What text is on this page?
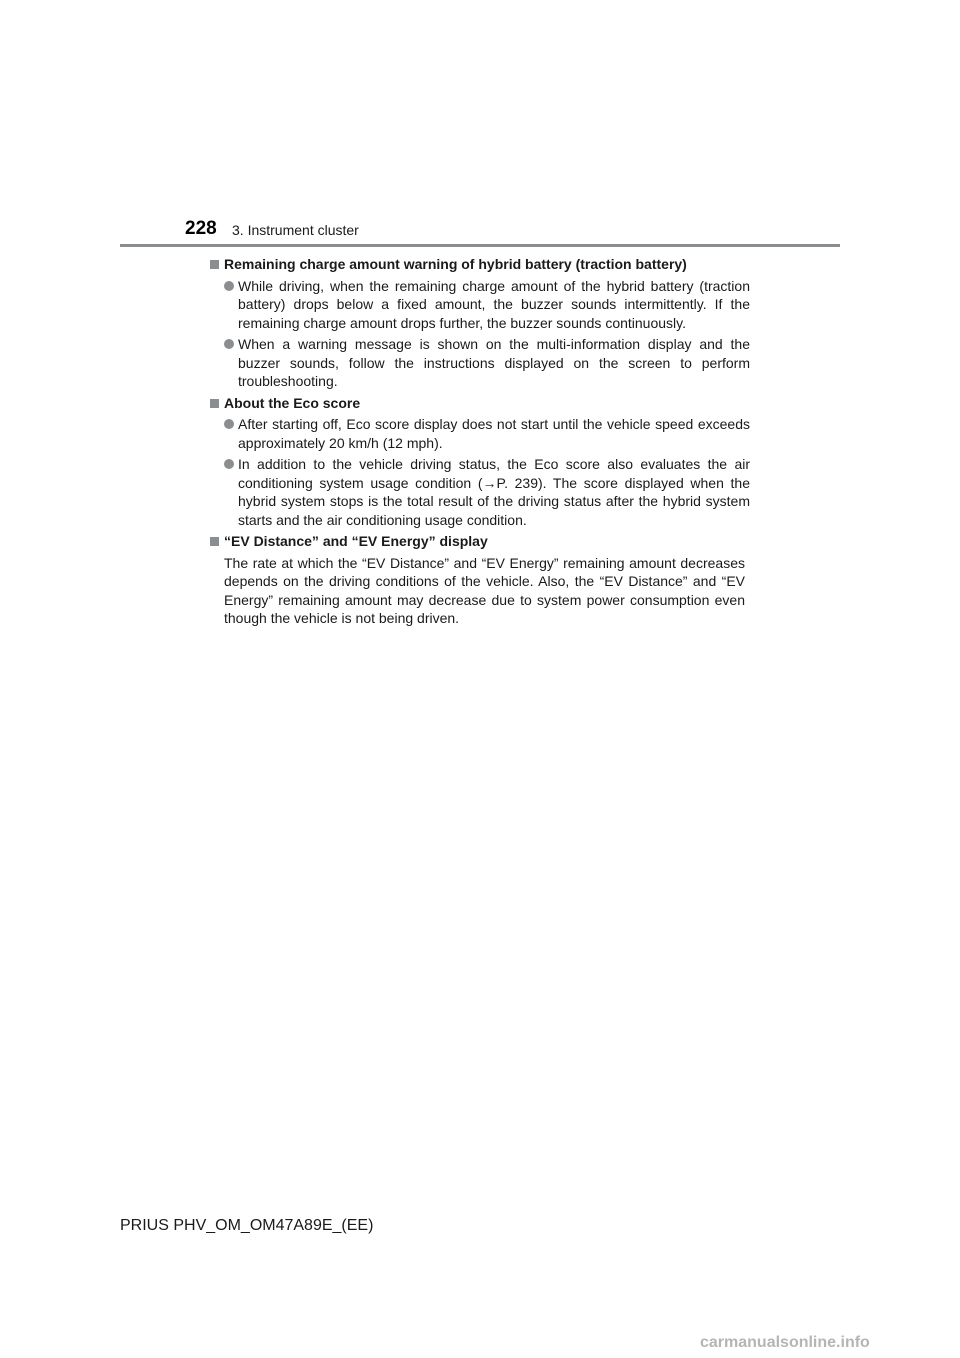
228 3. Instrument cluster
Remaining charge amount warning of hybrid battery (traction battery)
While driving, when the remaining charge amount of the hybrid battery (traction battery) drops below a fixed amount, the buzzer sounds intermittently. If the remaining charge amount drops further, the buzzer sounds continuously.
When a warning message is shown on the multi-information display and the buzzer sounds, follow the instructions displayed on the screen to perform troubleshooting.
About the Eco score
After starting off, Eco score display does not start until the vehicle speed exceeds approximately 20 km/h (12 mph).
In addition to the vehicle driving status, the Eco score also evaluates the air conditioning system usage condition (→P. 239). The score displayed when the hybrid system stops is the total result of the driving status after the hybrid system starts and the air conditioning usage condition.
“EV Distance” and “EV Energy” display
The rate at which the “EV Distance” and “EV Energy” remaining amount decreases depends on the driving conditions of the vehicle. Also, the “EV Distance” and “EV Energy” remaining amount may decrease due to system power consumption even though the vehicle is not being driven.
PRIUS PHV_OM_OM47A89E_(EE)
carmanualsonline.info
